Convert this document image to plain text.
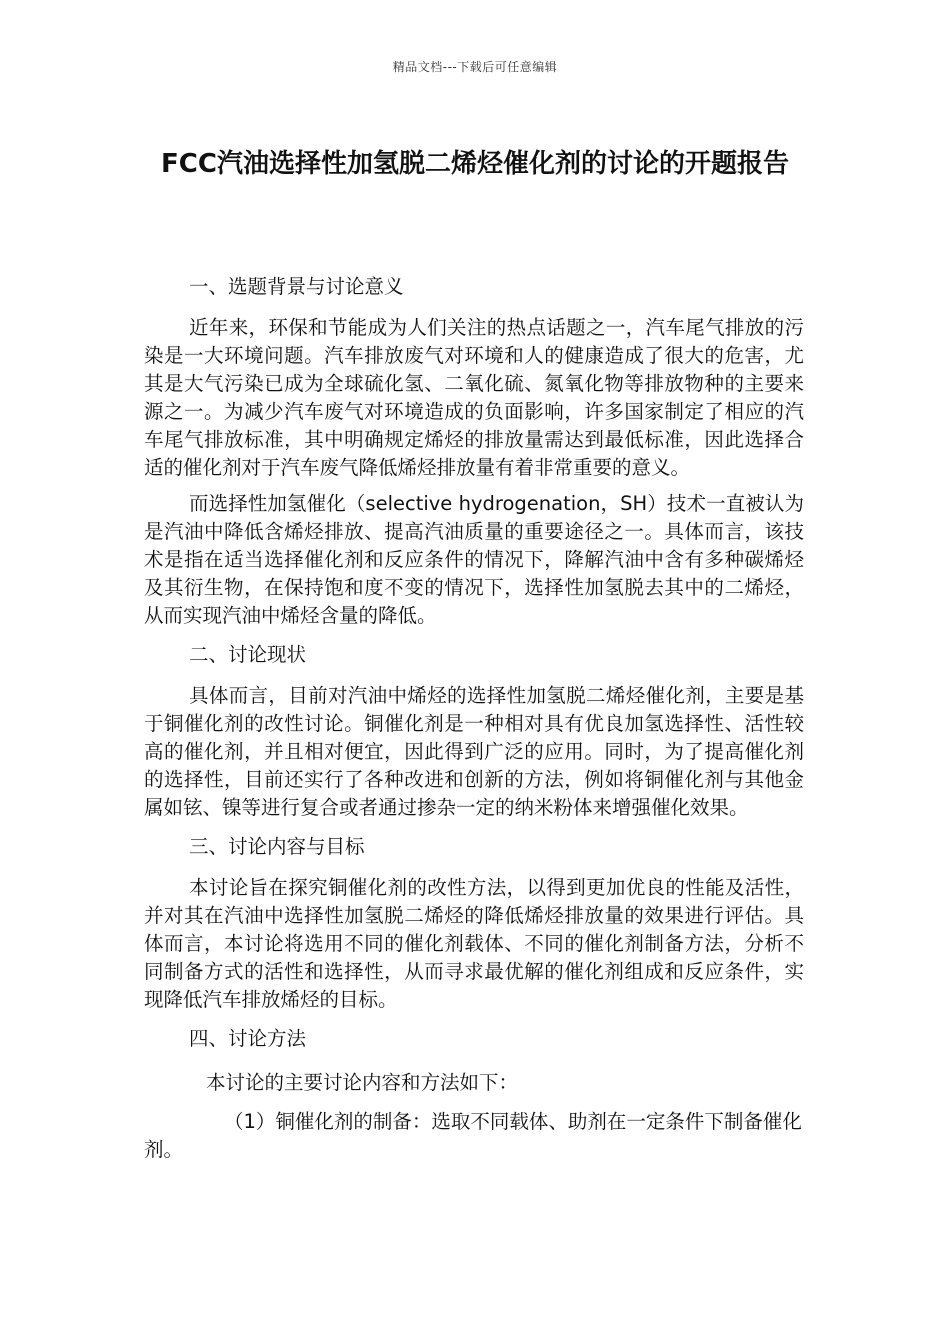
精品文档---下载后可任意编辑
FCC汽油选择性加氢脱二烯烃催化剂的讨论的开题报告
一、选题背景与讨论意义

近年来，环保和节能成为人们关注的热点话题之一，汽车尾气排放的污染是一大环境问题。汽车排放废气对环境和人的健康造成了很大的危害，尤其是大气污染已成为全球硫化氢、二氧化硫、氮氧化物等排放物种的主要来源之一。为减少汽车废气对环境造成的负面影响，许多国家制定了相应的汽车尾气排放标准，其中明确规定烯烃的排放量需达到最低标准，因此选择合适的催化剂对于汽车废气降低烯烃排放量有着非常重要的意义。

而选择性加氢催化（selective hydrogenation，SH）技术一直被认为是汽油中降低含烯烃排放、提高汽油质量的重要途径之一。具体而言，该技术是指在适当选择催化剂和反应条件的情况下，降解汽油中含有多种碳烯烃及其衍生物，在保持饱和度不变的情况下，选择性加氢脱去其中的二烯烃，从而实现汽油中烯烃含量的降低。

二、讨论现状

具体而言，目前对汽油中烯烃的选择性加氢脱二烯烃催化剂，主要是基于铜催化剂的改性讨论。铜催化剂是一种相对具有优良加氢选择性、活性较高的催化剂，并且相对便宜，因此得到广泛的应用。同时，为了提高催化剂的选择性，目前还实行了各种改进和创新的方法，例如将铜催化剂与其他金属如铉、镍等进行复合或者通过掺杂一定的纳米粉体来增强催化效果。

三、讨论内容与目标

本讨论旨在探究铜催化剂的改性方法，以得到更加优良的性能及活性，并对其在汽油中选择性加氢脱二烯烃的降低烯烃排放量的效果进行评估。具体而言，本讨论将选用不同的催化剂载体、不同的催化剂制备方法，分析不同制备方式的活性和选择性，从而寻求最优解的催化剂组成和反应条件，实现降低汽车排放烯烃的目标。

四、讨论方法

本讨论的主要讨论内容和方法如下：

（1）铜催化剂的制备：选取不同载体、助剂在一定条件下制备催化剂。
